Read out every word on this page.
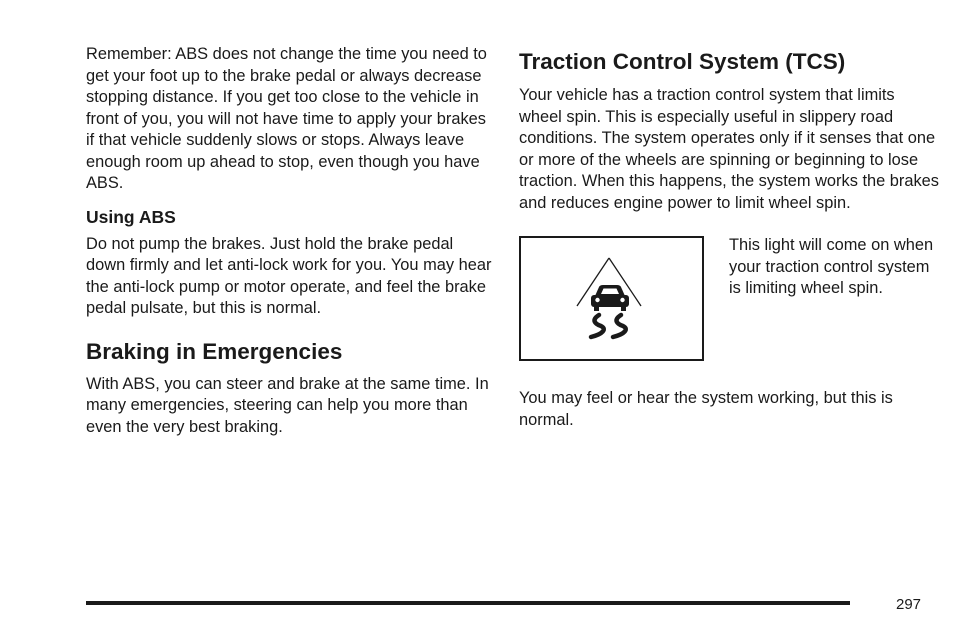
Remember: ABS does not change the time you need to get your foot up to the brake pedal or always decrease stopping distance. If you get too close to the vehicle in front of you, you will not have time to apply your brakes if that vehicle suddenly slows or stops. Always leave enough room up ahead to stop, even though you have ABS.

Using ABS

Do not pump the brakes. Just hold the brake pedal down firmly and let anti-lock work for you. You may hear the anti-lock pump or motor operate, and feel the brake pedal pulsate, but this is normal.

Braking in Emergencies

With ABS, you can steer and brake at the same time. In many emergencies, steering can help you more than even the very best braking.

Traction Control System (TCS)

Your vehicle has a traction control system that limits wheel spin. This is especially useful in slippery road conditions. The system operates only if it senses that one or more of the wheels are spinning or beginning to lose traction. When this happens, the system works the brakes and reduces engine power to limit wheel spin.

This light will come on when your traction control system is limiting wheel spin.

You may feel or hear the system working, but this is normal.

297
